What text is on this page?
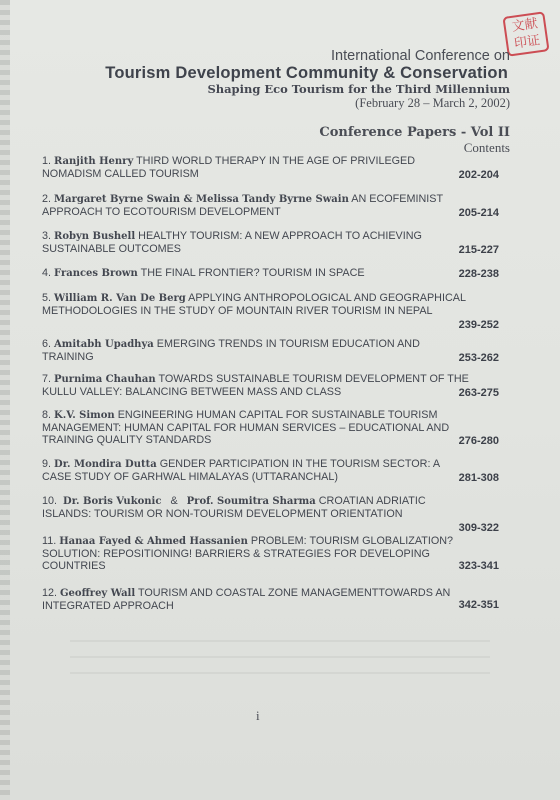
文献
印证
International Conference on
Tourism Development Community & Conservation
Shaping Eco Tourism for the Third Millennium
(February 28 – March 2, 2002)
Conference Papers - Vol II
Contents
1. Ranjith Henry THIRD WORLD THERAPY IN THE AGE OF PRIVILEGED
NOMADISM CALLED TOURISM	202-204
2. Margaret Byrne Swain & Melissa Tandy Byrne Swain AN ECOFEMINIST
APPROACH TO ECOTOURISM DEVELOPMENT	205-214
3. Robyn Bushell HEALTHY TOURISM: A NEW APPROACH TO ACHIEVING
SUSTAINABLE OUTCOMES	215-227
4. Frances Brown THE FINAL FRONTIER? TOURISM IN SPACE	228-238
5. William R. Van De Berg APPLYING ANTHROPOLOGICAL AND GEOGRAPHICAL
METHODOLOGIES IN THE STUDY OF MOUNTAIN RIVER TOURISM IN NEPAL
239-252
6. Amitabh Upadhya EMERGING TRENDS IN TOURISM EDUCATION AND
TRAINING	253-262
7. Purnima Chauhan TOWARDS SUSTAINABLE TOURISM DEVELOPMENT OF THE
KULLU VALLEY: BALANCING BETWEEN MASS AND CLASS	263-275
8. K.V. Simon ENGINEERING HUMAN CAPITAL FOR SUSTAINABLE TOURISM
MANAGEMENT: HUMAN CAPITAL FOR HUMAN SERVICES – EDUCATIONAL AND
TRAINING QUALITY STANDARDS	276-280
9. Dr. Mondira Dutta GENDER PARTICIPATION IN THE TOURISM SECTOR: A
CASE STUDY OF GARHWAL HIMALAYAS (UTTARANCHAL)	281-308
10. Dr. Boris Vukonic   &   Prof. Soumitra Sharma CROATIAN ADRIATIC
ISLANDS: TOURISM OR NON-TOURISM DEVELOPMENT ORIENTATION
309-322
11. Hanaa Fayed & Ahmed Hassanien PROBLEM: TOURISM GLOBALIZATION?
SOLUTION: REPOSITIONING! BARRIERS & STRATEGIES FOR DEVELOPING
COUNTRIES	323-341
12. Geoffrey Wall TOURISM AND COASTAL ZONE MANAGEMENTTOWARDS AN
INTEGRATED APPROACH	342-351
i
